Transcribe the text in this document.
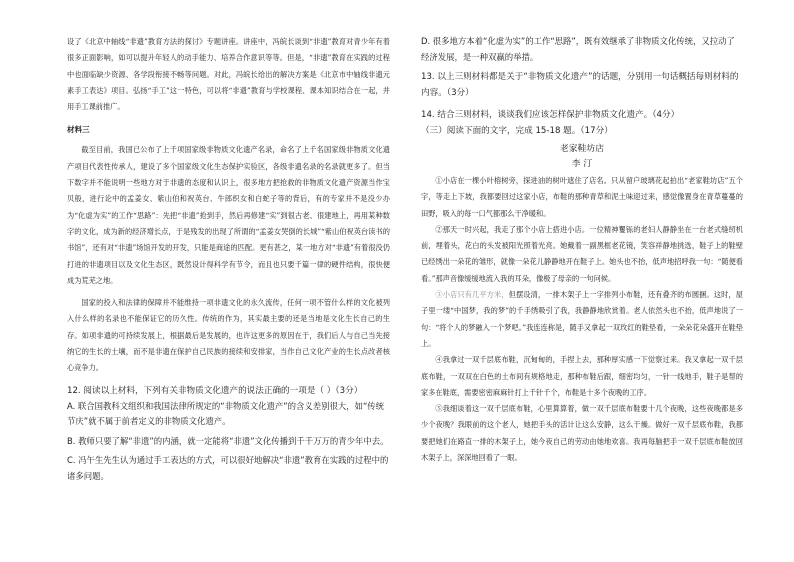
设了《北京中轴线“非遗”教育方法的探讨》专题讲座。讲座中，冯皖长谈到“非遗”教育对青少年有着很多正面影响，如可以提升年轻人的动手能力、培养合作意识等等。但是，“非遗”教育在实践的过程中也面临缺少资源、各学段衔接不畅等问题。对此，冯皖长给出的解决方案是《北京市中轴线非遗元素手工表达》项目。弘扬“手工”这一特色，可以将“非遗”教育与学校课程、课本知识结合在一起，并用手工课前推广。

材料三

截至目前，我国已公布了上千项国家级非物质文化遗产名录，命名了上千名国家级非物质文化遗产项目代表性传承人，建设了多个国家级文化生态保护实验区，各级非遗名录的名录就更多了。但当下数字并不能说明一些地方对于非遗的态度和认识上，很多地方把抢救的非物质文化遗产资源当作宝贝般，进行论中的孟姜女、紫山伯和祝英台、牛郎织女和白蛇子等的背后，有的专家并不是没少办为“化虚为实”的工作“思路”：先把“非遗”抢到手，然后再修建“实”到很古老、很建地上，再用某种数字的文化，成为新的经济增长点，于是残发的出现了所谓的“孟姜女哭倒的长城”“紫山伯祝英台读书的书馆”，还有对“非遗”场馆开发的开发，只能是商途的匹配。更有甚之，某一地方对“非遗”有着很没仍打进的非遗项目以及文化生态区，既然设计得科学有节令，而且也只要千篇一律的硬件结构，很快便成为荒芜之地。

国家的投入和法律的保障并不能维持一项非遗文化的永久流传，任何一项不管什么样的文化被列入什么样的名录也不能保证它的历久性。传统的作为，其实最主要的还是当地是文化生长自己的生存。如项非遗的可持续发展上，根据最后是发展的，也许这更多的原因在于，我们后人与自己当先接纳它的生长的土壤，而不是非遗在保护自己民族的接续和安排家，当作自己文化产业的生长点改者核心竞争力。

12. 阅读以上材料，下列有关非物质文化遗产的说法正确的一项是（ ）（3分）

A. 联合国教科文组织和我国法律所规定的“非物质文化遗产”的含义差别很大，如“传统节庆”就不属于前者定义的非物质文化遗产。

B. 教师只要了解“非遗”的内涵，就一定能将“非遗”文化传播到千千万万的青少年中去。

C. 冯午生先生认为通过手工表达的方式，可以很好地解决“非遗”教育在实践的过程中的诸多问题。

D. 很多地方本着“化虚为实”的工作“思路”，既有效继承了非物质文化传统，又拉动了经济发展，是一种双赢的举措。

13. 以上三则材料都是关于“非物质文化遗产”的话题，分别用一句话概括每则材料的内容。（3分）

14. 结合三则材料，谈谈我们应该怎样保护非物质文化遗产。（4分）

（三）阅读下面的文字，完成 15-18 题。（17分）

老家鞋坊店

李 汀

①小店在一棵小叶榕树旁，探进油的树叶遮住了店名。只从留户玻璃花起拍出“老家鞋坊店”五个字，等走上下坡，我都要回过这家小店，布鞋的那种青草和泥土味迎过来，感觉像置身在青草蔓蔓的田野，吸入的每一口气都那么干净暖和。

②那天一时兴起，我走了那个小店上搭进小店。一位精神矍铄的老妇人静静坐在一台老式缝纫机前，埋着头，花白的头发被阳光照着光亮。她戴着一副黑框老花镜，笑容祥静地挑选，鞋子上的鞋壁已经绣出一朵花的雏形，就像一朵花儿静静地开在鞋子上。她头也不抬，低声地招呼我一句：“随便看看。”那声音像缓缓地流入我的耳朵，像极了母亲的一句问候。

③小店只有几平方米，但摆设清，一排木架子上一字排列小布鞋，还有叠齐的布圆捆。这时，屋子里一缕“中国梦，我的梦”的千手绣吸引了我，我静静地欣赏着。老人依然头也不抬，低声地说了一句：“将个人的梦融入一个梦吧。”我连连称是，随手又拿起一双玫红的鞋垫看，一朵朵花朵盛开在鞋垫上。

④我拿过一双千层底布鞋，沉甸甸的，手捏上去，那种厚实感一下觉察过来。我又拿起一双千层底布鞋，一双双在白色的土布间有规格地走，那种布鞋后跟，细密均匀，一针一线地手，鞋子是帮的家多在鞋底，需要密密麻麻针打上千针千个，布鞋是十多个夜晚的工序。

⑤我细谈着这一双千层底布鞋，心里算算着，做一双千层底布鞋要十几个夜晚，这些夜晚都是多少个夜晚？我眼前的这个老人，她把手头的活计让这么安静，这么干燥。做好一双千层底布鞋，我都要把她们在路直一排的木架子上，她今夜自己的劳动由她地欢喜。我再每脑把手一双千层底布鞋放回木架子上，深深地回看了一眼。
